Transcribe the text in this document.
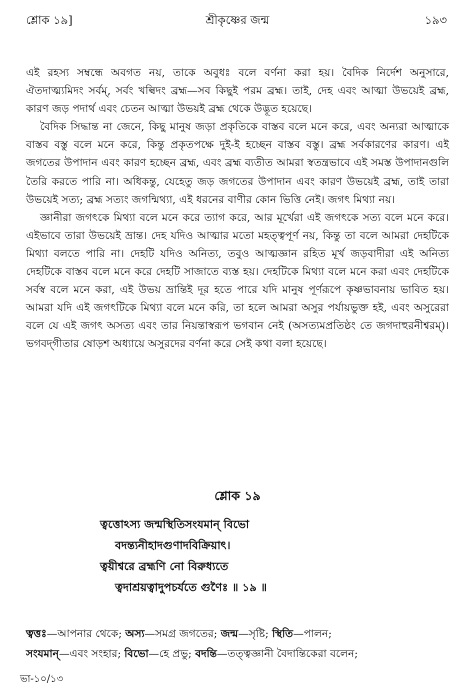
শ্লোক ১৯]	শ্রীকৃষ্ণের জন্ম	১৯৩

এই রহস্য সম্বন্ধে অবগত নয়, তাকে অবুধঃ বলে বর্ণনা করা হয়। বৈদিক নির্দেশ অনুসারে, ঐতদাত্ম্যমিদং সর্বম্‌, সর্বং খল্বিদং ব্রহ্ম—সব কিছুই পরম ব্রহ্ম। তাই, দেহ এবং আত্মা উভয়েই ব্রহ্ম, কারণ জড় পদার্থ এবং চেতন আত্মা উভয়ই ব্রহ্ম থেকে উদ্ভূত হয়েছে।

বৈদিক সিদ্ধান্ত না জেনে, কিছু মানুষ জড়া প্রকৃতিকে বাস্তব বলে মনে করে, এবং অন্যরা আত্মাকে বাস্তব বস্তু বলে মনে করে, কিন্তু প্রকৃতপক্ষে দুই-ই হচ্ছেন বাস্তব বস্তু। ব্রহ্ম সর্বকারণের কারণ। এই জগতের উপাদান এবং কারণ হচ্ছেন ব্রহ্ম, এবং ব্রহ্ম ব্যতীত আমরা স্বতন্ত্রভাবে এই সমস্ত উপাদানগুলি তৈরি করতে পারি না। অধিকন্তু, যেহেতু জড় জগতের উপাদান এবং কারণ উভয়েই ব্রহ্ম, তাই তারা উভয়েই সত্য; ব্রহ্ম সত্যং জগন্মিথ্যা, এই ধরনের বাণীর কোন ভিত্তি নেই। জগৎ মিথ্যা নয়।

জ্ঞানীরা জগৎকে মিথ্যা বলে মনে করে ত্যাগ করে, আর মূর্খেরা এই জগৎকে সত্য বলে মনে করে। এইভাবে তারা উভয়েই ভ্রান্ত। দেহ যদিও আত্মার মতো মহত্ত্বপূর্ণ নয়, কিন্তু তা বলে আমরা দেহটিকে মিথ্যা বলতে পারি না। দেহটি যদিও অনিত্য, তবুও আত্মজ্ঞান রহিত মূর্খ জড়বাদীরা এই অনিত্য দেহটিকে বাস্তব বলে মনে করে দেহটি সাজাতে ব্যস্ত হয়। দেহটিকে মিথ্যা বলে মনে করা এবং দেহটিকে সর্বস্ব বলে মনে করা, এই উভয় ভ্রান্তিই দূর হতে পারে যদি মানুষ পূর্ণরূপে কৃষ্ণভাবনায় ভাবিত হয়। আমরা যদি এই জগৎটিকে মিথ্যা বলে মনে করি, তা হলে আমরা অসুর পর্যায়ভুক্ত হই, এবং অসুরেরা বলে যে এই জগৎ অসত্য এবং তার নিয়ন্তাস্বরূপ ভগবান নেই (অসত্যমপ্রতিষ্ঠং তে জগদাহুরনীশ্বরম্‌)। ভগবদ্‌গীতার ষোড়শ অধ্যায়ে অসুরদের বর্ণনা করে সেই কথা বলা হয়েছে।

শ্লোক ১৯
ত্বত্তোঽস্য জন্মস্থিতিসংযমান্‌ বিভো
বদন্ত্যনীহাদগুণাদবিক্রিয়াৎ।
ত্বয়ীশ্বরে ব্রহ্মণি নো বিরুধ্যতে
ত্বদাশ্রয়ত্বাদুপচর্যতে গুণৈঃ ॥ ১৯ ॥
ত্বত্তঃ—আপনার থেকে; অস্য—সমগ্র জগতের; জন্ম—সৃষ্টি; স্থিতি—পালন;
সংযমান্‌—এবং সংহার; বিভো—হে প্রভু; বদন্তি—তত্ত্বজ্ঞানী বৈদান্তিকেরা বলেন;
ভা-১০/১৩
